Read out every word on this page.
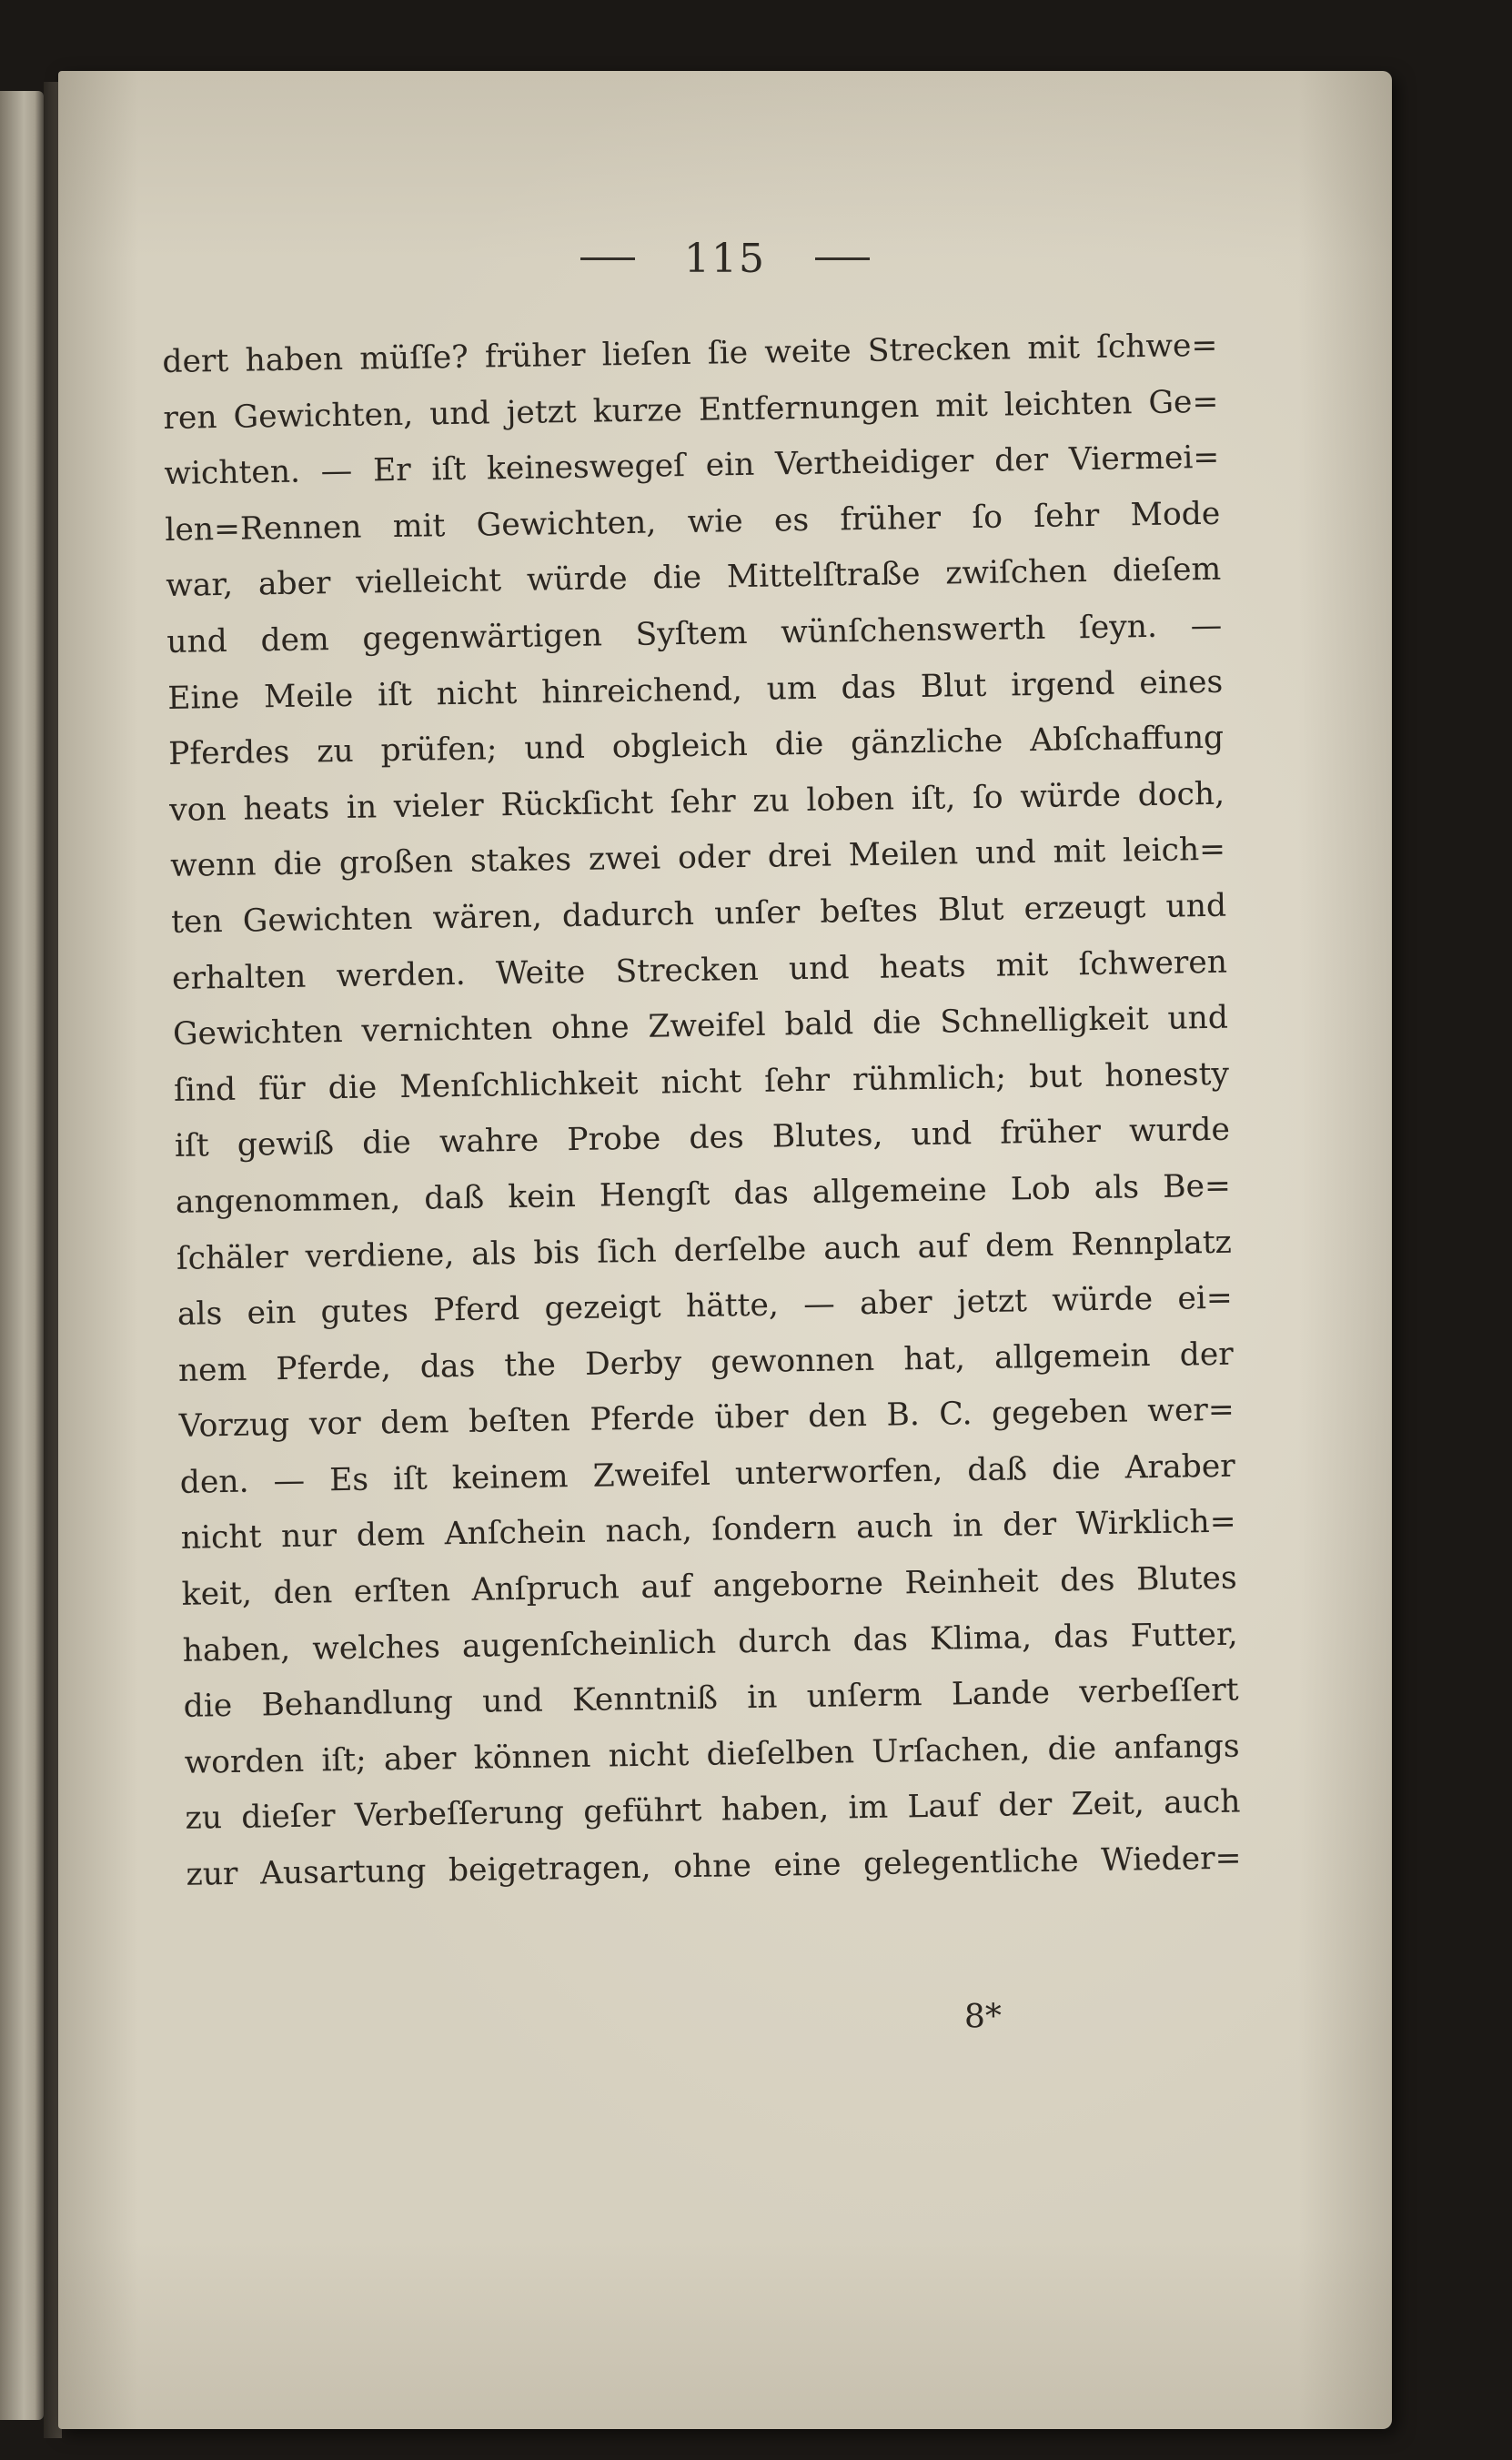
115
dert haben müſſe? früher lieſen ſie weite Strecken mit ſchwe=
ren Gewichten, und jetzt kurze Entfernungen mit leichten Ge=
wichten. — Er iſt keineswegeſ ein Vertheidiger der Viermei=
len=Rennen mit Gewichten, wie es früher ſo ſehr Mode
war, aber vielleicht würde die Mittelſtraße zwiſchen dieſem
und dem gegenwärtigen Syſtem wünſchenswerth ſeyn. —
Eine Meile iſt nicht hinreichend, um das Blut irgend eines
Pferdes zu prüfen; und obgleich die gänzliche Abſchaffung
von heats in vieler Rückſicht ſehr zu loben iſt, ſo würde doch,
wenn die großen stakes zwei oder drei Meilen und mit leich=
ten Gewichten wären, dadurch unſer beſtes Blut erzeugt und
erhalten werden. Weite Strecken und heats mit ſchweren
Gewichten vernichten ohne Zweifel bald die Schnelligkeit und
ſind für die Menſchlichkeit nicht ſehr rühmlich; but honesty
iſt gewiß die wahre Probe des Blutes, und früher wurde
angenommen, daß kein Hengſt das allgemeine Lob als Be=
ſchäler verdiene, als bis ſich derſelbe auch auf dem Rennplatz
als ein gutes Pferd gezeigt hätte, — aber jetzt würde ei=
nem Pferde, das the Derby gewonnen hat, allgemein der
Vorzug vor dem beſten Pferde über den B. C. gegeben wer=
den. — Es iſt keinem Zweifel unterworfen, daß die Araber
nicht nur dem Anſchein nach, ſondern auch in der Wirklich=
keit, den erſten Anſpruch auf angeborne Reinheit des Blutes
haben, welches augenſcheinlich durch das Klima, das Futter,
die Behandlung und Kenntniß in unſerm Lande verbeſſert
worden iſt; aber können nicht dieſelben Urſachen, die anfangs
zu dieſer Verbeſſerung geführt haben, im Lauf der Zeit, auch
zur Ausartung beigetragen, ohne eine gelegentliche Wieder=
8*
